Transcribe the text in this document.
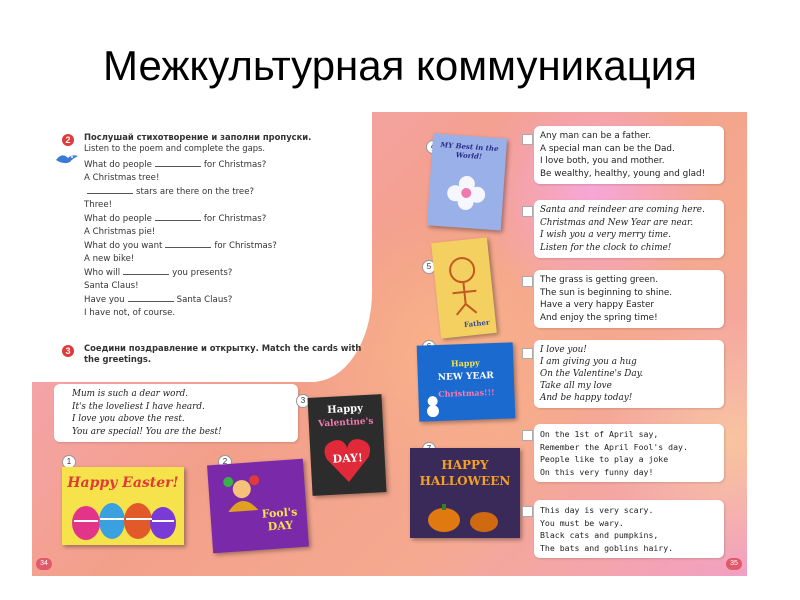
Межкультурная коммуникация
2	Послушай стихотворение и заполни пропуски.
Listen to the poem and complete the gaps.
What do people	for Christmas?
A Christmas tree!
stars are there on the tree?
Three!
What do people	for Christmas?
A Christmas pie!
What do you want	for Christmas?
A new bike!
Who will	you presents?
Santa Claus!
Have you	Santa Claus?
I have not, of course.
3	Соедини поздравление и открытку. Match the cards with the greetings.
Mum is such a dear word.
It's the loveliest I have heard.
I love you above the rest.
You are special! You are the best!
1
Happy Easter!
2
Fool's DAY
3
Happy
Valentine's
DAY!
MY Best in the World!
5
Father
Happy
NEW YEAR
Christmas!!!
HAPPY
HALLOWEEN
Any man can be a father.
A special man can be the Dad.
I love both, you and mother.
Be wealthy, healthy, young and glad!
Santa and reindeer are coming here.
Christmas and New Year are near.
I wish you a very merry time.
Listen for the clock to chime!
The grass is getting green.
The sun is beginning to shine.
Have a very happy Easter
And enjoy the spring time!
I love you!
I am giving you a hug
On the Valentine's Day.
Take all my love
And be happy today!
On the 1st of April say,
Remember the April Fool's day.
People like to play a joke
On this very funny day!
This day is very scary.
You must be wary.
Black cats and pumpkins,
The bats and goblins hairy.
34	35
